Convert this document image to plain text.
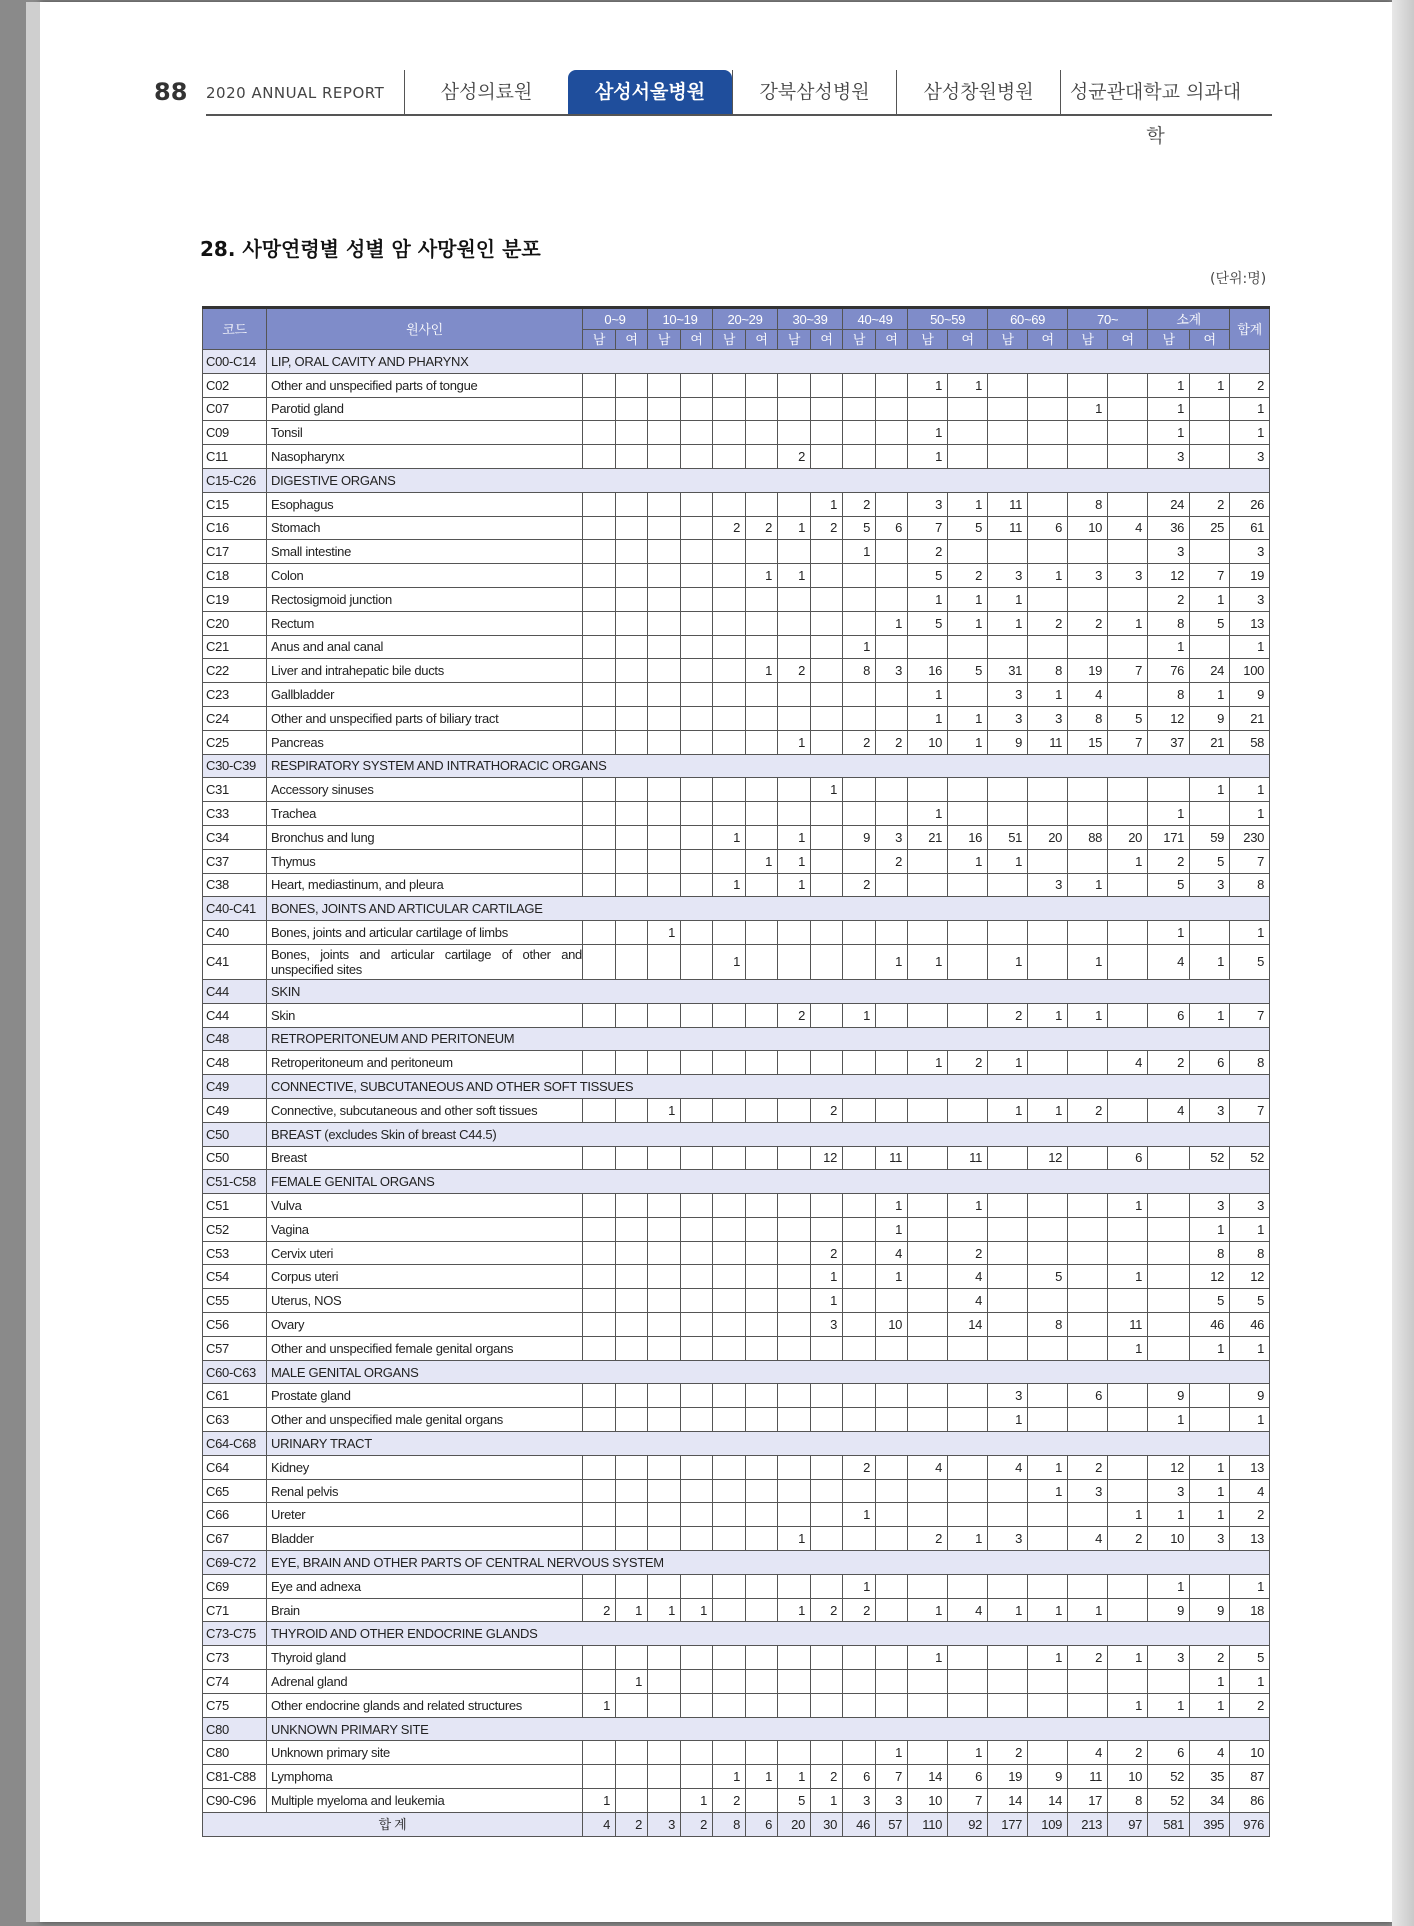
88 2020 ANNUAL REPORT	삼성의료원	삼성서울병원	강북삼성병원	삼성창원병원	성균관대학교 의과대학
28. 사망연령별 성별 암 사망원인 분포
(단위:명)
코드	원사인	0~9		10~19		20~29		30~39		40~49		50~59		60~69		70~		소계		합계
		남	여	남	여	남	여	남	여	남	여	남	여	남	여	남	여	남	여	
C00-C14	LIP, ORAL CAVITY AND PHARYNX																			
C02	Other and unspecified parts of tongue											1	1					1	1	2
C07	Parotid gland															1		1		1
C09	Tonsil											1						1		1
C11	Nasopharynx							2				1						3		3
C15-C26	DIGESTIVE ORGANS																			
C15	Esophagus								1	2		3	1	11		8		24	2	26
C16	Stomach					2	2	1	2	5	6	7	5	11	6	10	4	36	25	61
C17	Small intestine									1		2						3		3
C18	Colon						1	1				5	2	3	1	3	3	12	7	19
C19	Rectosigmoid junction											1	1	1				2	1	3
C20	Rectum										1	5	1	1	2	2	1	8	5	13
C21	Anus and anal canal									1								1		1
C22	Liver and intrahepatic bile ducts						1	2		8	3	16	5	31	8	19	7	76	24	100
C23	Gallbladder											1		3	1	4		8	1	9
C24	Other and unspecified parts of biliary tract											1	1	3	3	8	5	12	9	21
C25	Pancreas							1		2	2	10	1	9	11	15	7	37	21	58
C30-C39	RESPIRATORY SYSTEM AND INTRATHORACIC ORGANS																			
C31	Accessory sinuses								1										1	1
C33	Trachea											1						1		1
C34	Bronchus and lung					1		1		9	3	21	16	51	20	88	20	171	59	230
C37	Thymus						1	1			2		1	1			1	2	5	7
C38	Heart, mediastinum, and pleura					1		1		2					3	1		5	3	8
C40-C41	BONES, JOINTS AND ARTICULAR CARTILAGE																			
C40	Bones, joints and articular cartilage of limbs			1														1		1
C41	Bones, joints and articular cartilage of other and unspecified sites					1					1	1		1		1		4	1	5
C44	SKIN																			
C44	Skin							2		1				2	1	1		6	1	7
C48	RETROPERITONEUM AND PERITONEUM																			
C48	Retroperitoneum and peritoneum											1	2	1			4	2	6	8
C49	CONNECTIVE, SUBCUTANEOUS AND OTHER SOFT TISSUES																			
C49	Connective, subcutaneous and other soft tissues			1					2					1	1	2		4	3	7
C50	BREAST (excludes Skin of breast C44.5)																			
C50	Breast								12		11		11		12		6		52	52
C51-C58	FEMALE GENITAL ORGANS																			
C51	Vulva										1		1				1		3	3
C52	Vagina										1								1	1
C53	Cervix uteri								2		4		2						8	8
C54	Corpus uteri								1		1		4		5		1		12	12
C55	Uterus, NOS								1				4						5	5
C56	Ovary								3		10		14		8		11		46	46
C57	Other and unspecified female genital organs																1		1	1
C60-C63	MALE GENITAL ORGANS																			
C61	Prostate gland													3		6		9		9
C63	Other and unspecified male genital organs													1				1		1
C64-C68	URINARY TRACT																			
C64	Kidney									2		4		4	1	2		12	1	13
C65	Renal pelvis														1	3		3	1	4
C66	Ureter									1							1	1	1	2
C67	Bladder							1				2	1	3		4	2	10	3	13
C69-C72	EYE, BRAIN AND OTHER PARTS OF CENTRAL NERVOUS SYSTEM																			
C69	Eye and adnexa									1								1		1
C71	Brain	2	1	1	1			1	2	2		1	4	1	1	1		9	9	18
C73-C75	THYROID AND OTHER ENDOCRINE GLANDS																			
C73	Thyroid gland											1			1	2	1	3	2	5
C74	Adrenal gland		1																1	1
C75	Other endocrine glands and related structures	1															1	1	1	2
C80	UNKNOWN PRIMARY SITE																			
C80	Unknown primary site										1		1	2		4	2	6	4	10
C81-C88	Lymphoma					1	1	1	2	6	7	14	6	19	9	11	10	52	35	87
C90-C96	Multiple myeloma and leukemia	1			1	2		5	1	3	3	10	7	14	14	17	8	52	34	86
합 계		4	2	3	2	8	6	20	30	46	57	110	92	177	109	213	97	581	395	976
